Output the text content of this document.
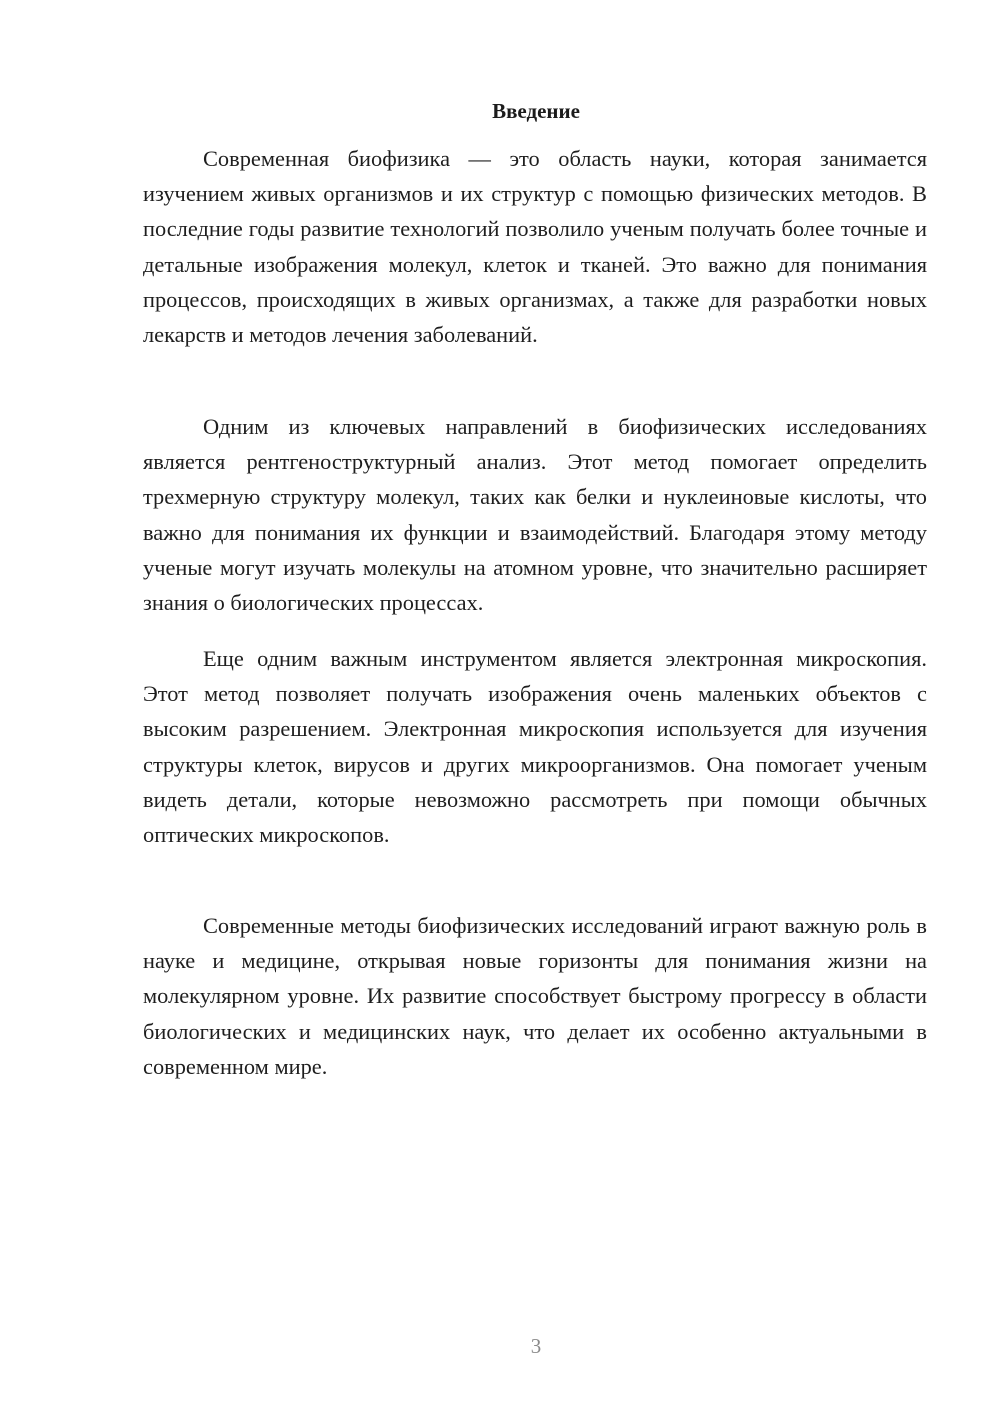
Введение

Современная биофизика — это область науки, которая занимается изучением живых организмов и их структур с помощью физических методов. В последние годы развитие технологий позволило ученым получать более точные и детальные изображения молекул, клеток и тканей. Это важно для понимания процессов, происходящих в живых организмах, а также для разработки новых лекарств и методов лечения заболеваний.

Одним из ключевых направлений в биофизических исследованиях является рентгеноструктурный анализ. Этот метод помогает определить трехмерную структуру молекул, таких как белки и нуклеиновые кислоты, что важно для понимания их функции и взаимодействий. Благодаря этому методу ученые могут изучать молекулы на атомном уровне, что значительно расширяет знания о биологических процессах.

Еще одним важным инструментом является электронная микроскопия. Этот метод позволяет получать изображения очень маленьких объектов с высоким разрешением. Электронная микроскопия используется для изучения структуры клеток, вирусов и других микроорганизмов. Она помогает ученым видеть детали, которые невозможно рассмотреть при помощи обычных оптических микроскопов.

Современные методы биофизических исследований играют важную роль в науке и медицине, открывая новые горизонты для понимания жизни на молекулярном уровне. Их развитие способствует быстрому прогрессу в области биологических и медицинских наук, что делает их особенно актуальными в современном мире.

3
